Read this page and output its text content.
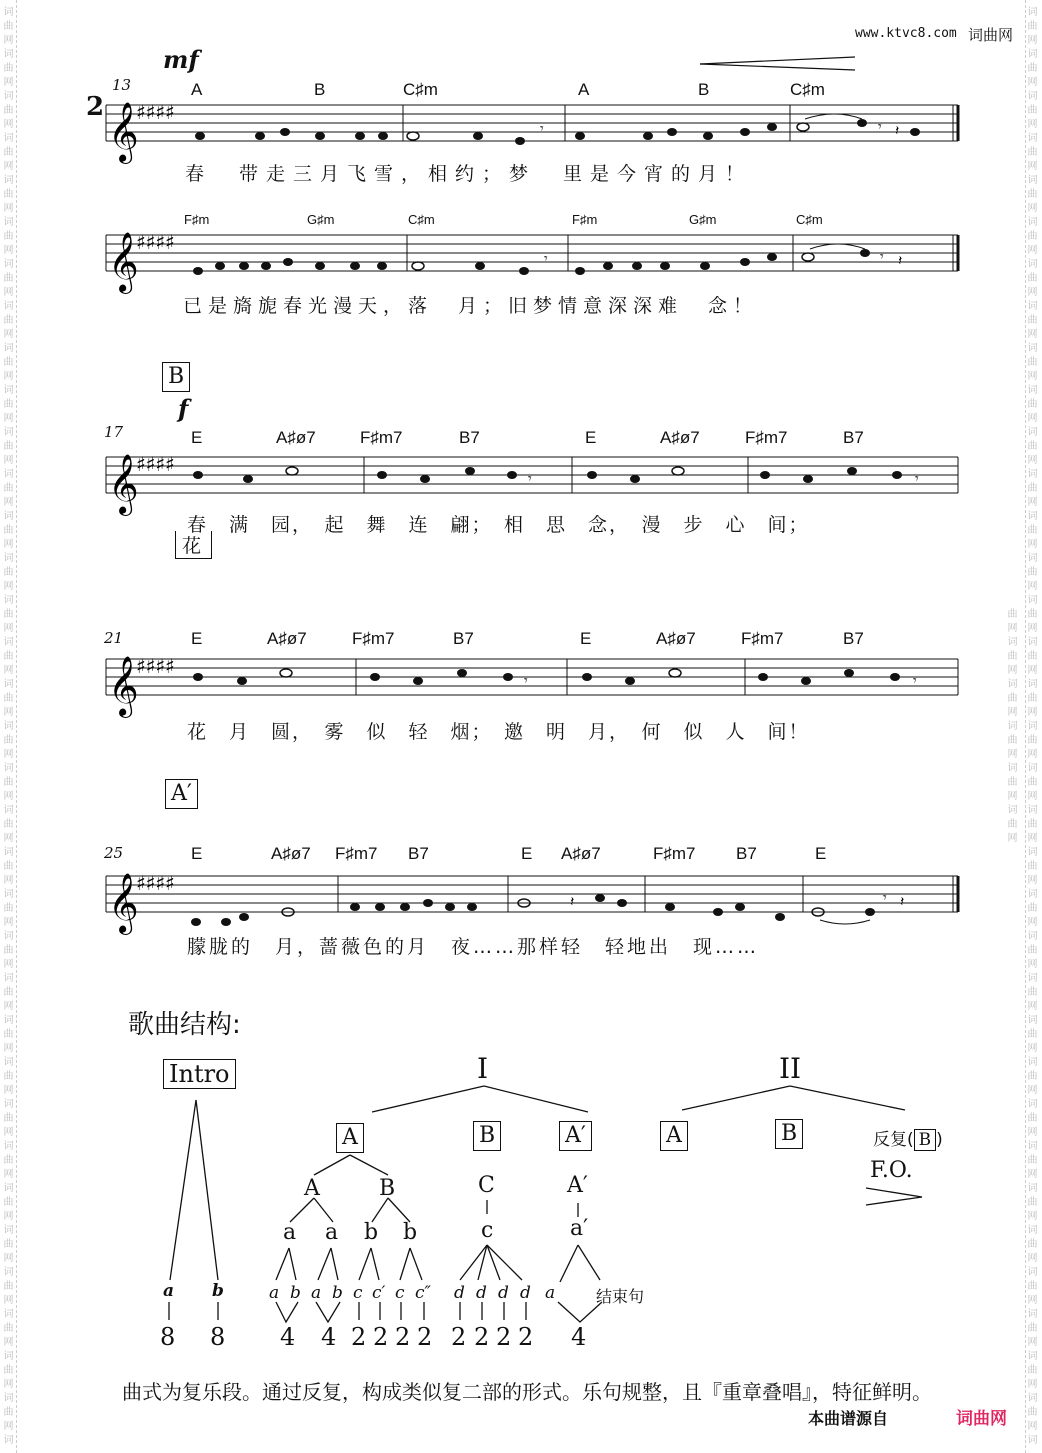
词曲网词曲网词曲网词曲网词曲网词曲网词曲网词曲网词曲网词曲网词曲网词曲网词曲网词曲网词曲网词曲网词曲网词曲网词曲网词曲网词曲网词曲网词曲网词曲网词曲网词曲网词曲网词曲网词曲网词曲网词曲网词曲网词曲网词曲网词	词曲网词曲网词曲网词曲网词曲网词曲网词曲网词曲网词曲网词曲网词曲网词曲网词曲网词曲网词曲网词曲网词曲网词曲网词曲网词曲网词曲网词曲网词曲网词曲网词曲网词曲网词曲网词曲网词曲网词曲网词曲网词曲网词曲网词曲网词曲网词曲网词曲网词曲网词曲网词曲网
www.ktvc8.com 词曲网
2
mf
13	A	B	C♯m	A	B	C♯m
𝄞
♯♯♯♯
𝄾	𝄾 𝄽
春　带走三月飞雪，相约；梦　里是今宵的月！
F♯m	G♯m	C♯m	F♯m	G♯m	C♯m
𝄞
♯♯♯♯
𝄾	𝄾 𝄽
已是旖旎春光漫天，落　月；旧梦情意深深难　念！
B
f
17	E	A♯ø7	F♯m7	B7	E	A♯ø7	F♯m7	B7
𝄞
♯♯♯♯
𝄾	𝄾
春　满　园，　起　舞　连　翩；　相　思　念，　漫　步　心　间；
花
21	E	A♯ø7	F♯m7	B7	E	A♯ø7	F♯m7	B7
𝄞
♯♯♯♯
𝄾	𝄾
花　月　圆，　雾　似　轻　烟；　邀　明　月，　何　似　人　间！
A′
25	E	A♯ø7 F♯m7 B7	E A♯ø7	F♯m7 B7	E
𝄞
♯♯♯♯
𝄽	𝄾 𝄽
朦胧的　月，蔷薇色的月　夜……那样轻　轻地出　现……
歌曲结构:
Intro	I	II
A	B	A′	A	B	反复( B )
F.O.
A	B	C	A′
a a b b	c	a′
a b	a b a b c c′ c c″ d d d d a	结束句
8 8 4 4 2 2 2 2 2 2 2 2 4
曲式为复乐段。通过反复，构成类似复二部的形式。乐句规整，且『重章叠唱』，特征鲜明。
本曲谱源自	词曲网
